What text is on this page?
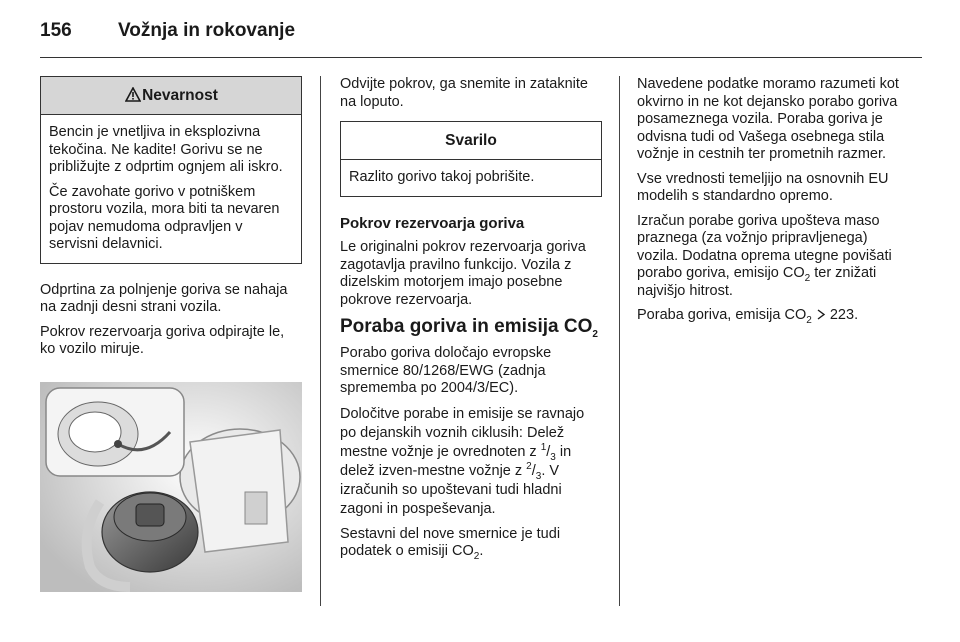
156 Vožnja in rokovanje
Nevarnost

Bencin je vnetljiva in eksplozivna tekočina. Ne kadite! Gorivu se ne približujte z odprtim ognjem ali iskro.

Če zavohate gorivo v potniškem prostoru vozila, mora biti ta nevaren pojav nemudoma odpravljen v servisni delavnici.

Odprtina za polnjenje goriva se nahaja na zadnji desni strani vozila.

Pokrov rezervoarja goriva odpirajte le, ko vozilo miruje.

Odvijte pokrov, ga snemite in zataknite na loputo.

Svarilo
Razlito gorivo takoj pobrišite.

Pokrov rezervoarja goriva

Le originalni pokrov rezervoarja goriva zagotavlja pravilno funkcijo. Vozila z dizelskim motorjem imajo posebne pokrove rezervoarja.

Poraba goriva in emisija $CO_2$

Porabo goriva določajo evropske smernice 80/1268/EWG (zadnja sprememba po 2004/3/EC).

Določitve porabe in emisije se ravnajo po dejanskih voznih ciklusih: Delež mestne vožnje je ovrednoten z $^1/_3$ in delež izven-mestne vožnje z $^2/_3$. V izračunih so upoštevani tudi hladni zagoni in pospeševanja.

Sestavni del nove smernice je tudi podatek o emisiji $CO_2$.

Navedene podatke moramo razumeti kot okvirno in ne kot dejansko porabo goriva posameznega vozila. Poraba goriva je odvisna tudi od Vašega osebnega stila vožnje in cestnih ter prometnih razmer.

Vse vrednosti temeljijo na osnovnih EU modelih s standardno opremo.

Izračun porabe goriva upošteva maso praznega (za vožnjo pripravljenega) vozila. Dodatna oprema utegne povišati porabo goriva, emisijo $CO_2$ ter znižati najvišjo hitrost.

Poraba goriva, emisija $CO_2$  223.
